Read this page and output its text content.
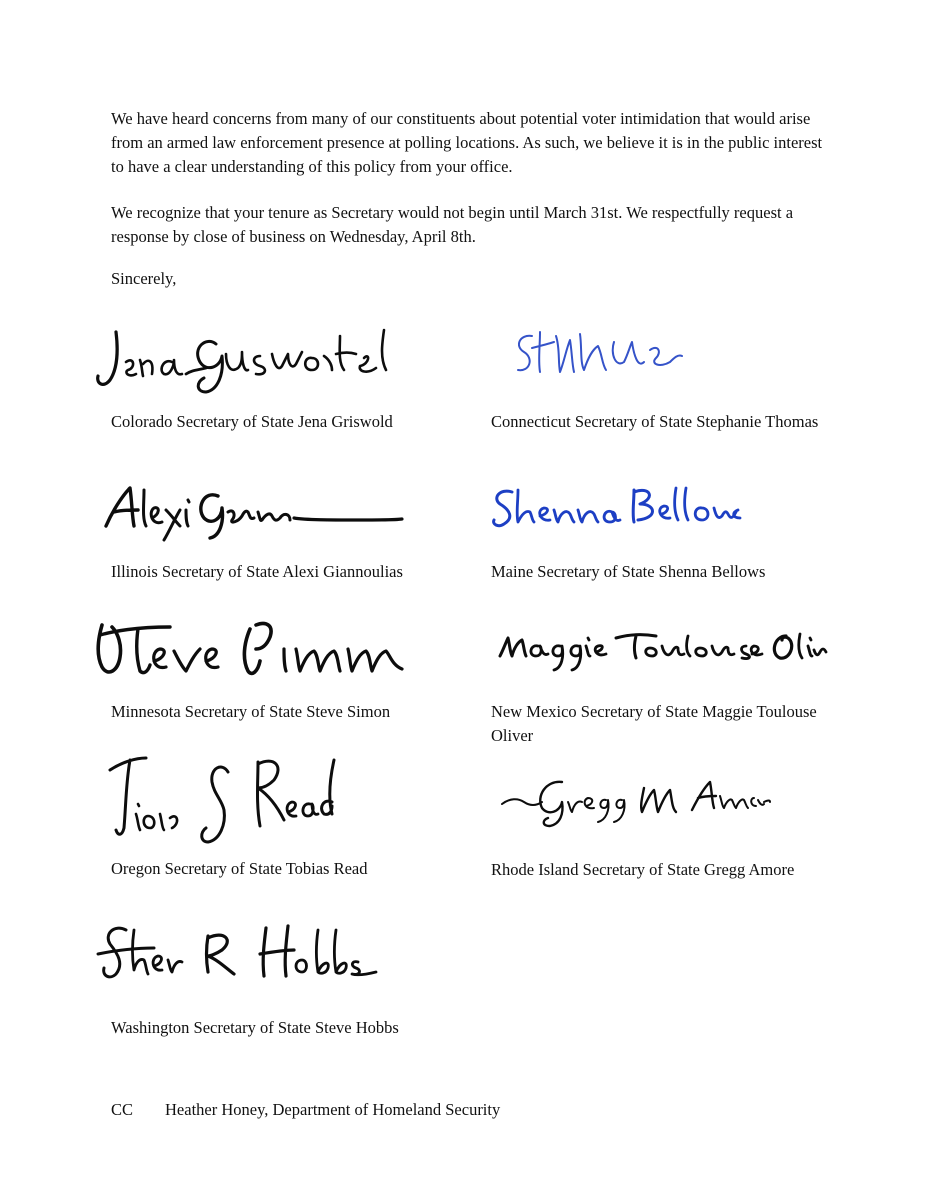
We have heard concerns from many of our constituents about potential voter intimidation that would arise from an armed law enforcement presence at polling locations. As such, we believe it is in the public interest to have a clear understanding of this policy from your office.

We recognize that your tenure as Secretary would not begin until March 31st. We respectfully request a response by close of business on Wednesday, April 8th.

Sincerely,

Colorado Secretary of State Jena Griswold	Connecticut Secretary of State Stephanie Thomas

Illinois Secretary of State Alexi Giannoulias	Maine Secretary of State Shenna Bellows

Minnesota Secretary of State Steve Simon	New Mexico Secretary of State Maggie Toulouse Oliver

Oregon Secretary of State Tobias Read	Rhode Island Secretary of State Gregg Amore

Washington Secretary of State Steve Hobbs

CC Heather Honey, Department of Homeland Security
